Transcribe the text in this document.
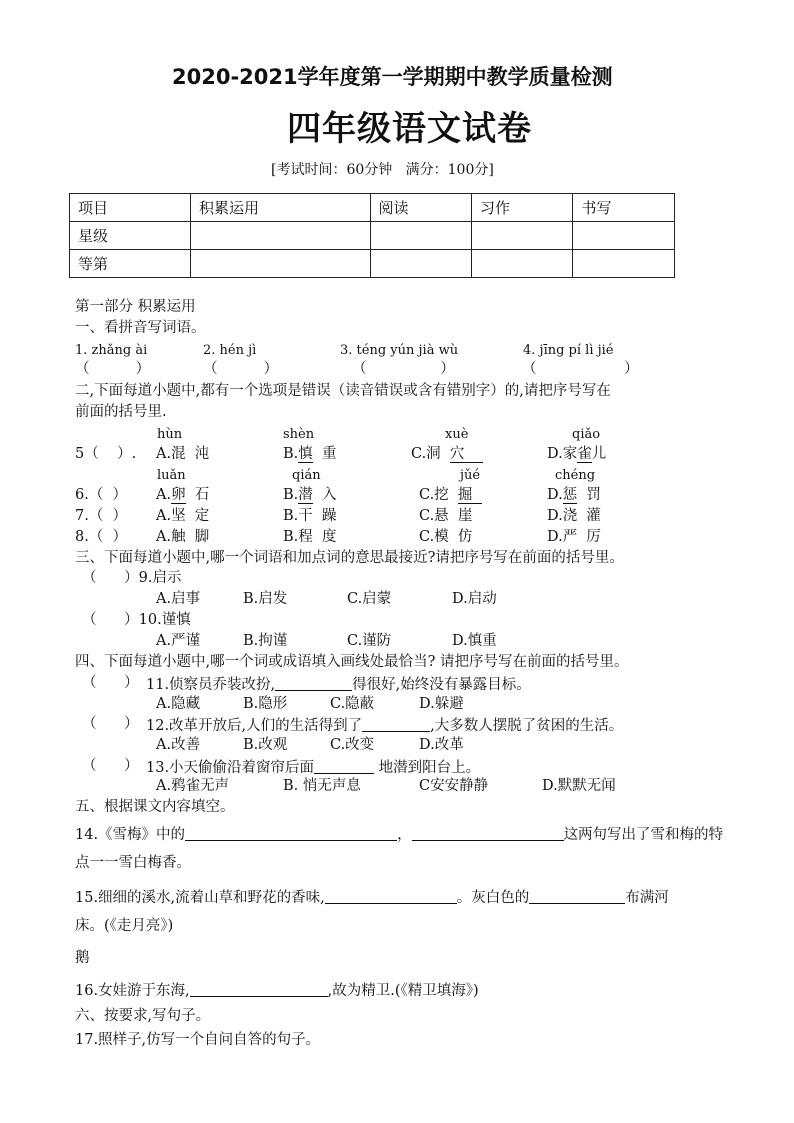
2020-2021学年度第一学期期中教学质量检测
四年级语文试卷
[考试时间：60分钟   满分：100分]
项目	积累运用	阅读	习作	书写
星级				
等第				
第一部分 积累运用
一、看拼音写词语。
1. zhǎng ài	2. hén jì	3. téng yún jià wù	4. jīng pí lì jié
（          ）	（          ）	（                ）	（                   ）
二,下面每道小题中,都有一个选项是错误（读音错误或含有错别字）的,请把序号写在
前面的括号里.
hùn	shèn	xuè	qiǎo
5（    ）. A.混  沌	B.慎  重	C.洞  穴	D.家雀儿
luǎn	qián	jǔé	chéng
6.（  ） A.卵  石	B.潜  入	C.挖  掘	D.惩  罚
7.（  ） A.坚  定	B.干  躁	C.悬  崖	D.浇  灌
8.（  ） A.触  脚	B.程  度	C.模  仿	D.严  厉
三、下面每道小题中,哪一个词语和加点词的意思最接近?请把序号写在前面的括号里。
（      ）9.启示
A.启事	B.启发	C.启蒙	D.启动
（      ）10.谨慎
A.严谨	B.拘谨	C.谨防	D.慎重
四、下面每道小题中,哪一个词或成语填入画线处最恰当? 请把序号写在前面的括号里。
（      ） 11.侦察员乔装改扮,	得很好,始终没有暴露目标。
A.隐藏	B.隐形	C.隐蔽	D.躲避
（      ） 12.改革开放后,人们的生活得到了	,大多数人摆脱了贫困的生活。
A.改善	B.改观	C.改变	D.改革
（      ） 13.小天偷偷沿着窗帘后面	地潜到阳台上。
A.鸦雀无声	B. 悄无声息	C安安静静	D.默默无闻
五、根据课文内容填空。
14.《雪梅》中的	，	这两句写出了雪和梅的特
点一一雪白梅香。
15.细细的溪水,流着山草和野花的香味,	。灰白色的	布满河
床。(《走月亮》)
鹅
16.女娃游于东海,	,故为精卫.(《精卫填海》)
六、按要求,写句子。
17.照样子,仿写一个自问自答的句子。
